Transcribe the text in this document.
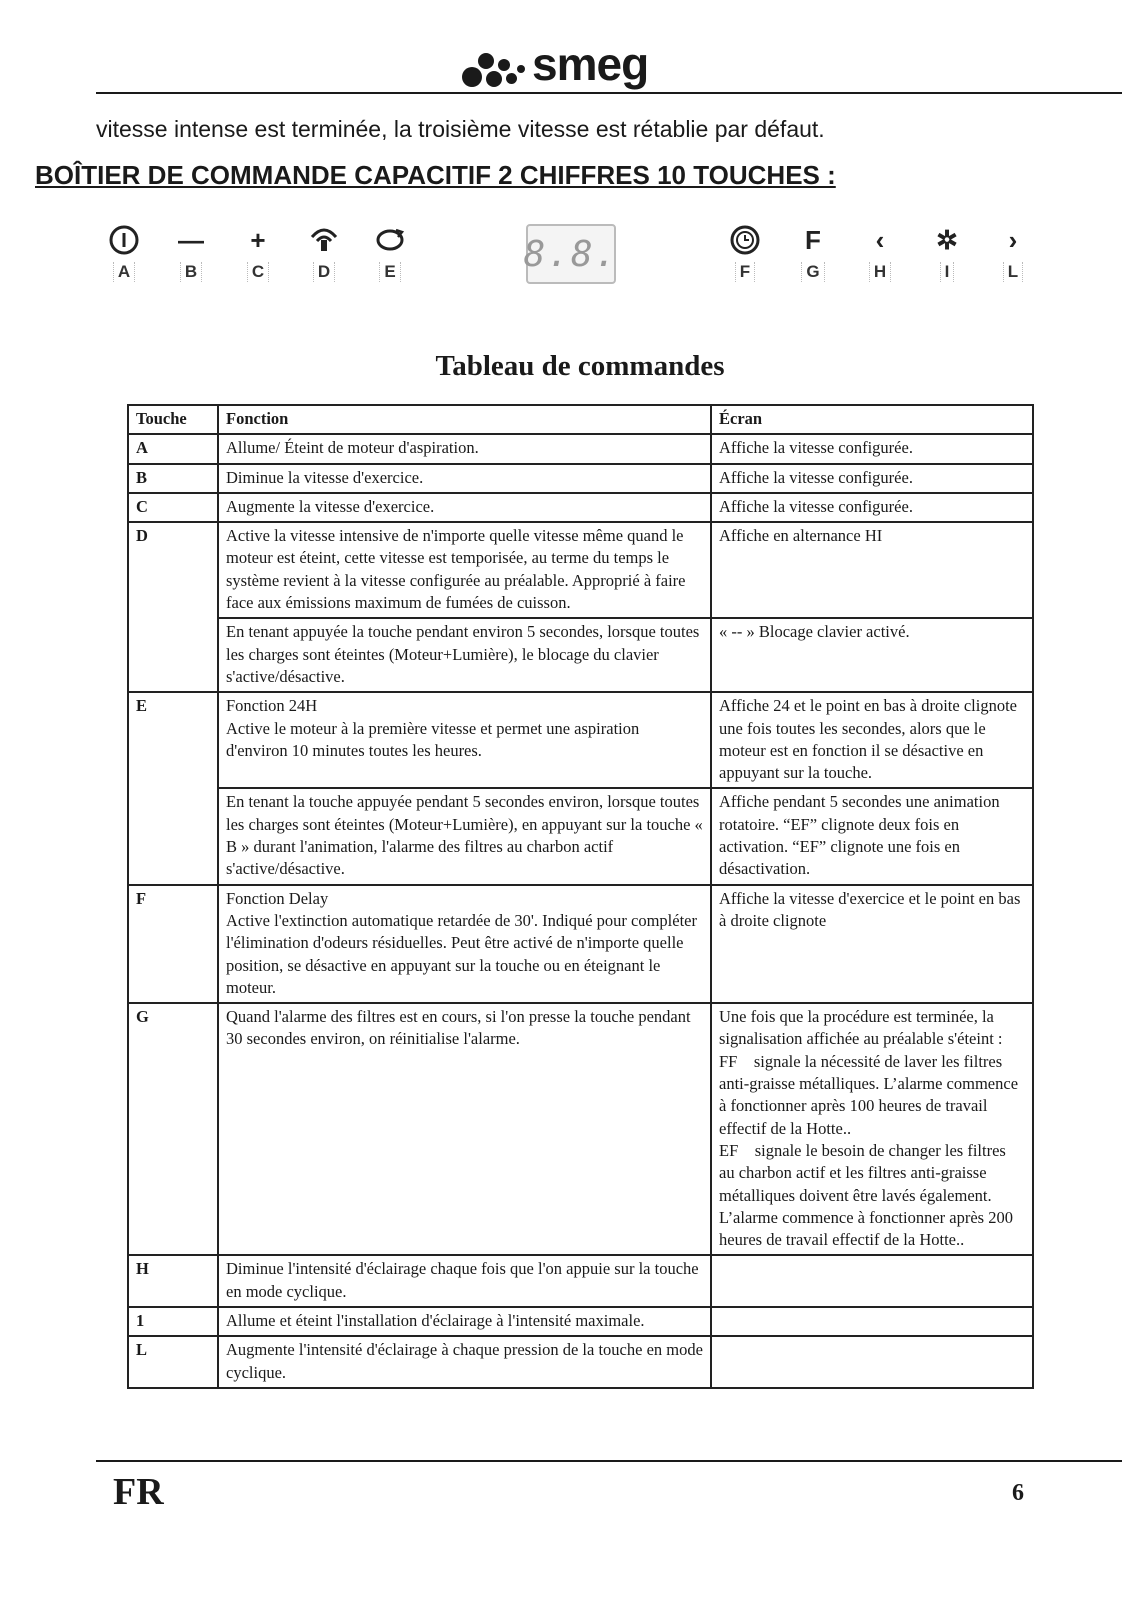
smeg
vitesse intense est terminée, la troisième vitesse est rétablie par défaut.
BOÎTIER DE COMMANDE CAPACITIF 2 CHIFFRES 10 TOUCHES :
A
—
B
+
C	D	E	8.8.	F
F
G
‹
H
✲
I
›
L
Tableau de commandes
Touche	Fonction	Écran
A	Allume/ Éteint de moteur d'aspiration.	Affiche la vitesse configurée.
B	Diminue la vitesse d'exercice.	Affiche la vitesse configurée.
C	Augmente la vitesse d'exercice.	Affiche la vitesse configurée.
D	Active la vitesse intensive de n'importe quelle vitesse même quand le moteur est éteint, cette vitesse est temporisée, au terme du temps le système revient à la vitesse configurée au préalable. Approprié à faire face aux émissions maximum de fumées de cuisson.	Affiche en alternance HI
	En tenant appuyée la touche pendant environ 5 secondes, lorsque toutes les charges sont éteintes (Moteur+Lumière), le blocage du clavier s'active/désactive.	« -- » Blocage clavier activé.
E	Fonction 24H
Active le moteur à la première vitesse et permet une aspiration d'environ 10 minutes toutes les heures.	Affiche 24 et le point en bas à droite clignote une fois toutes les secondes, alors que le moteur est en fonction il se désactive en appuyant sur la touche.
	En tenant la touche appuyée pendant 5 secondes environ, lorsque toutes les charges sont éteintes (Moteur+Lumière), en appuyant sur la touche « B » durant l'animation, l'alarme des filtres au charbon actif s'active/désactive.	Affiche pendant 5 secondes une animation rotatoire. “EF” clignote deux fois en activation. “EF” clignote une fois en désactivation.
F	Fonction Delay
Active l'extinction automatique retardée de 30'. Indiqué pour compléter l'élimination d'odeurs résiduelles. Peut être activé de n'importe quelle position, se désactive en appuyant sur la touche ou en éteignant le moteur.	Affiche la vitesse d'exercice et le point en bas à droite clignote
G	Quand l'alarme des filtres est en cours, si l'on presse la touche pendant 30 secondes environ, on réinitialise l'alarme.	Une fois que la procédure est terminée, la signalisation affichée au préalable s'éteint :
FF    signale la nécessité de laver les filtres anti-graisse métalliques. L’alarme commence à fonctionner après 100 heures de travail effectif de la Hotte..
EF    signale le besoin de changer les filtres au charbon actif et les filtres anti-graisse métalliques doivent être lavés également. L’alarme commence à fonctionner après 200 heures de travail effectif de la Hotte..
H	Diminue l'intensité d'éclairage chaque fois que l'on appuie sur la touche en mode cyclique.	
1	Allume et éteint l'installation d'éclairage à l'intensité maximale.	
L	Augmente l'intensité d'éclairage à chaque pression de la touche en mode cyclique.	
FR	6
